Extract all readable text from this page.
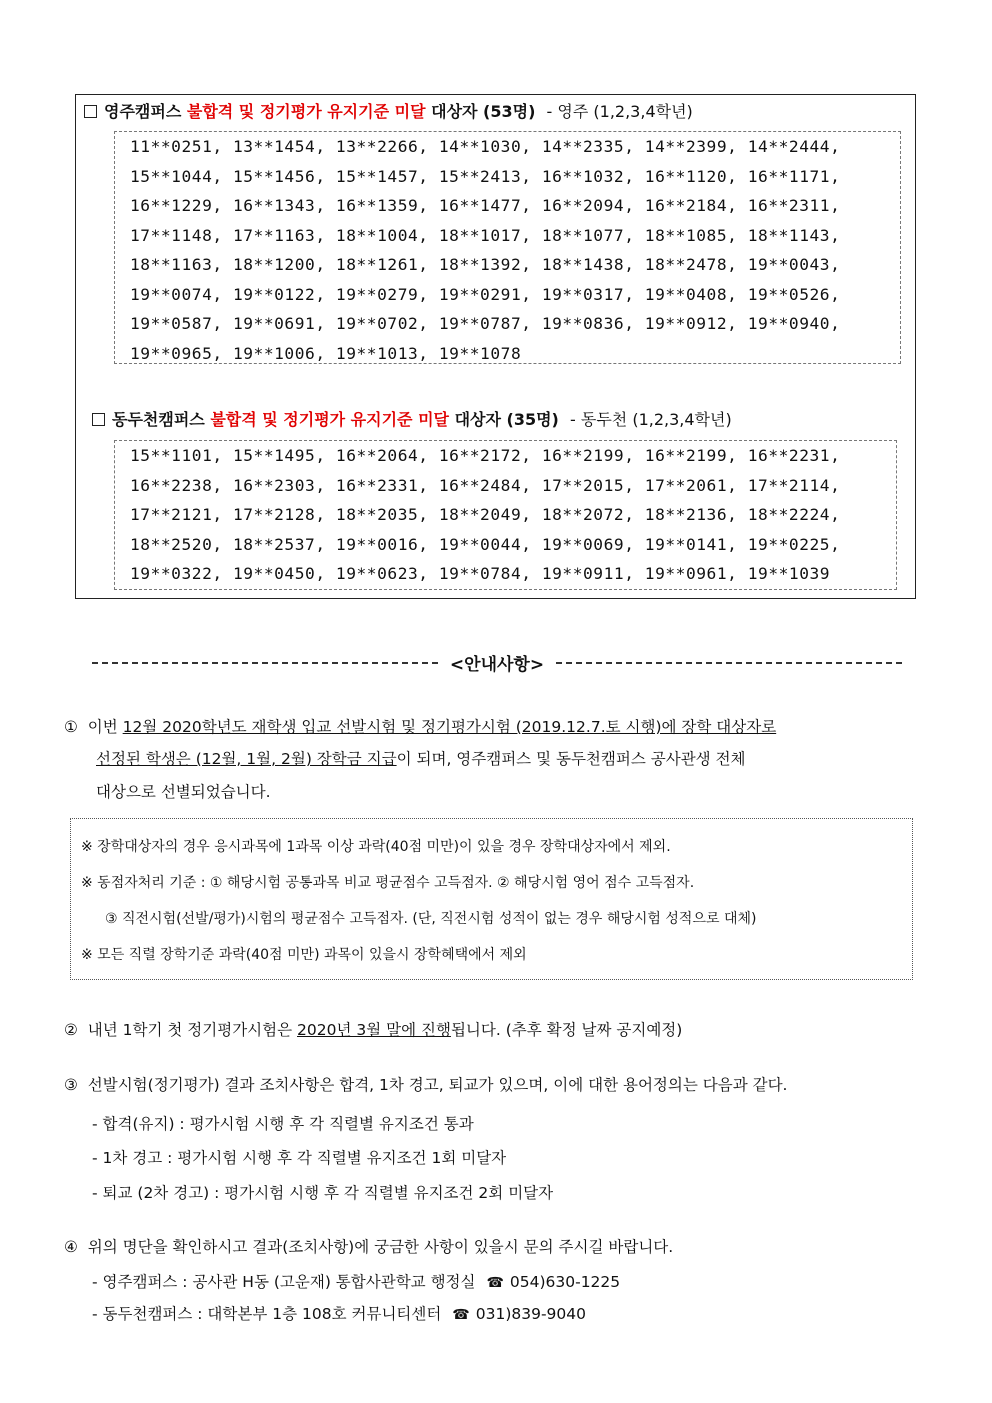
영주캠퍼스 불합격 및 정기평가 유지기준 미달 대상자 (53명) - 영주 (1,2,3,4학년)
11**0251, 13**1454, 13**2266, 14**1030, 14**2335, 14**2399, 14**2444,
15**1044, 15**1456, 15**1457, 15**2413, 16**1032, 16**1120, 16**1171,
16**1229, 16**1343, 16**1359, 16**1477, 16**2094, 16**2184, 16**2311,
17**1148, 17**1163, 18**1004, 18**1017, 18**1077, 18**1085, 18**1143,
18**1163, 18**1200, 18**1261, 18**1392, 18**1438, 18**2478, 19**0043,
19**0074, 19**0122, 19**0279, 19**0291, 19**0317, 19**0408, 19**0526,
19**0587, 19**0691, 19**0702, 19**0787, 19**0836, 19**0912, 19**0940,
19**0965, 19**1006, 19**1013, 19**1078
동두천캠퍼스 불합격 및 정기평가 유지기준 미달 대상자 (35명) - 동두천 (1,2,3,4학년)
15**1101, 15**1495, 16**2064, 16**2172, 16**2199, 16**2199, 16**2231,
16**2238, 16**2303, 16**2331, 16**2484, 17**2015, 17**2061, 17**2114,
17**2121, 17**2128, 18**2035, 18**2049, 18**2072, 18**2136, 18**2224,
18**2520, 18**2537, 19**0016, 19**0044, 19**0069, 19**0141, 19**0225,
19**0322, 19**0450, 19**0623, 19**0784, 19**0911, 19**0961, 19**1039
<안내사항>
① 이번 12월 2020학년도 재학생 입교 선발시험 및 정기평가시험 (2019.12.7.토 시행)에 장학 대상자로
선정된 학생은 (12월, 1월, 2월) 장학금 지급이 되며, 영주캠퍼스 및 동두천캠퍼스 공사관생 전체
대상으로 선별되었습니다.
※ 장학대상자의 경우 응시과목에 1과목 이상 과락(40점 미만)이 있을 경우 장학대상자에서 제외.
※ 동점자처리 기준 : ① 해당시험 공통과목 비교 평균점수 고득점자. ② 해당시험 영어 점수 고득점자.
③ 직전시험(선발/평가)시험의 평균점수 고득점자. (단, 직전시험 성적이 없는 경우 해당시험 성적으로 대체)
※ 모든 직렬 장학기준 과락(40점 미만) 과목이 있을시 장학혜택에서 제외
② 내년 1학기 첫 정기평가시험은 2020년 3월 말에 진행됩니다. (추후 확정 날짜 공지예정)
③ 선발시험(정기평가) 결과 조치사항은 합격, 1차 경고, 퇴교가 있으며, 이에 대한 용어정의는 다음과 같다.
- 합격(유지) : 평가시험 시행 후 각 직렬별 유지조건 통과
- 1차 경고 : 평가시험 시행 후 각 직렬별 유지조건 1회 미달자
- 퇴교 (2차 경고) : 평가시험 시행 후 각 직렬별 유지조건 2회 미달자
④ 위의 명단을 확인하시고 결과(조치사항)에 궁금한 사항이 있을시 문의 주시길 바랍니다.
- 영주캠퍼스 : 공사관 H동 (고운재) 통합사관학교 행정실 ☎ 054)630-1225
- 동두천캠퍼스 : 대학본부 1층 108호 커뮤니티센터 ☎ 031)839-9040
